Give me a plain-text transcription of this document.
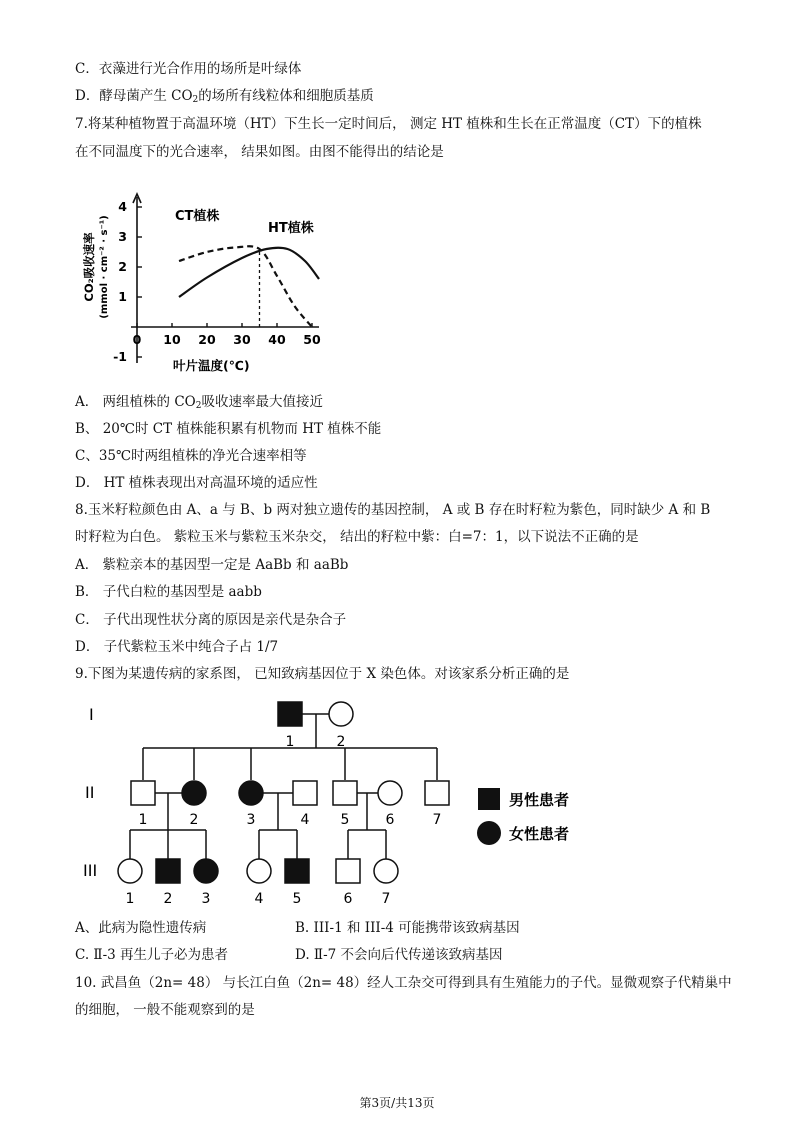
C．衣藻进行光合作用的场所是叶绿体
D．酵母菌产生 $CO_2$的场所有线粒体和细胞质基质
7.将某种植物置于高温环境（HT）下生长一定时间后， 测定 HT 植株和生长在正常温度（CT）下的植株
在不同温度下的光合速率， 结果如图。由图不能得出的结论是
CO₂吸收速率 (mmol · cm⁻² · s⁻¹)
0 10 20 30 40 50
-1
1
2
3
4
CT植株
HT植株
叶片温度(℃)
A． 两组植株的 $CO_2$吸收速率最大值接近
B、 20℃时 CT 植株能积累有机物而 HT 植株不能
C、35℃时两组植株的净光合速率相等
D． HT 植株表现出对高温环境的适应性
8.玉米籽粒颜色由 A、a 与 B、b 两对独立遗传的基因控制， A 或 B 存在时籽粒为紫色，同时缺少 A 和 B
时籽粒为白色。 紫粒玉米与紫粒玉米杂交， 结出的籽粒中紫：白=7：1，以下说法不正确的是
A． 紫粒亲本的基因型一定是 AaBb 和 aaBb
B． 子代白粒的基因型是 aabb
C． 子代出现性状分离的原因是亲代是杂合子
D． 子代紫粒玉米中纯合子占 1/7
9.下图为某遗传病的家系图， 已知致病基因位于 X 染色体。对该家系分析正确的是
I
II
III
1	2
1	2	3	4 5	6	7
1 2 3	4 5	6 7
男性患者
女性患者
A、此病为隐性遗传病	B. III-1 和 III-4 可能携带该致病基因
C. Ⅱ-3 再生儿子必为患者	D. Ⅱ-7 不会向后代传递该致病基因
10. 武昌鱼（2n= 48） 与长江白鱼（2n= 48）经人工杂交可得到具有生殖能力的子代。显微观察子代精巢中
的细胞， 一般不能观察到的是
第3页/共13页
